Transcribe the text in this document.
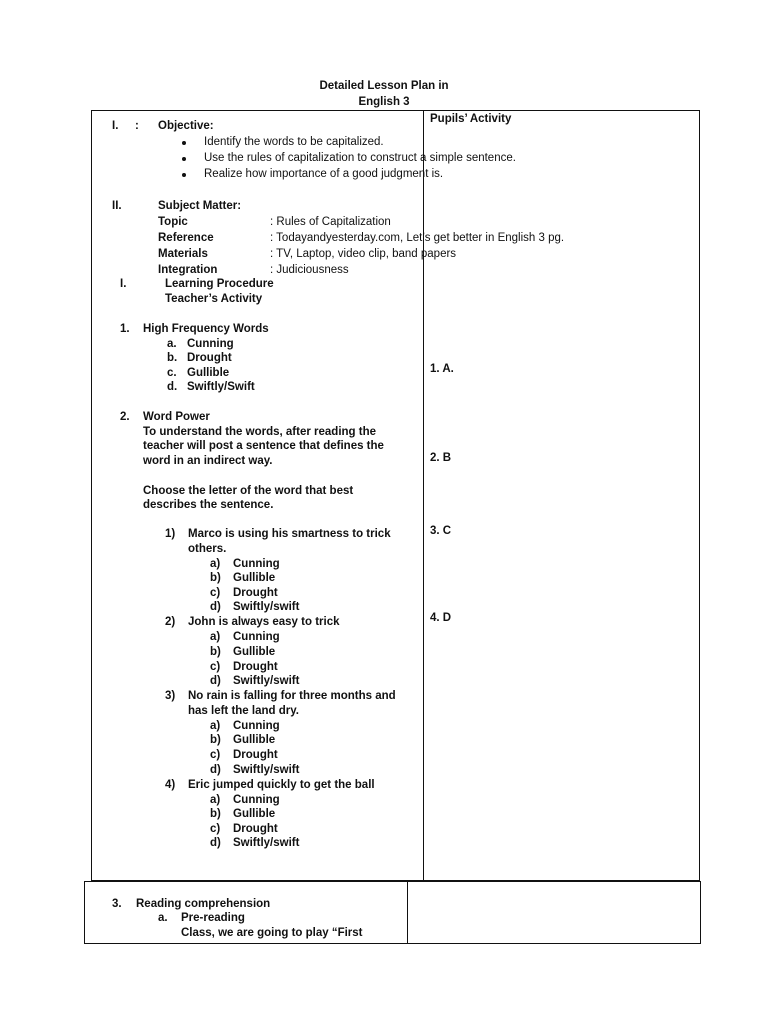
Detailed Lesson Plan in
English 3
Pupils’ Activity
I. : Objective:
Identify the words to be capitalized.
Use the rules of capitalization to construct a simple sentence.
Realize how importance of a good judgment is.
II.	Subject Matter:
Topic	: Rules of Capitalization
Reference	: Todayandyesterday.com, Let’s get better in English 3 pg.
Materials	: TV, Laptop, video clip, band papers
Integration	: Judiciousness
I.	Learning Procedure
Teacher’s Activity
1. High Frequency Words
a. Cunning
b. Drought
c. Gullible
d. Swiftly/Swift
2. Word Power
To understand the words, after reading the
teacher will post a sentence that defines the
word in an indirect way.
Choose the letter of the word that best
describes the sentence.
1) Marco is using his smartness to trick
others.
a) Cunning
b) Gullible
c) Drought
d) Swiftly/swift
2) John is always easy to trick
a) Cunning
b) Gullible
c) Drought
d) Swiftly/swift
3) No rain is falling for three months and
has left the land dry.
a) Cunning
b) Gullible
c) Drought
d) Swiftly/swift
4) Eric jumped quickly to get the ball
a) Cunning
b) Gullible
c) Drought
d) Swiftly/swift
1. A.
2. B
3. C
4. D
3. Reading comprehension
a. Pre-reading
Class, we are going to play “First
